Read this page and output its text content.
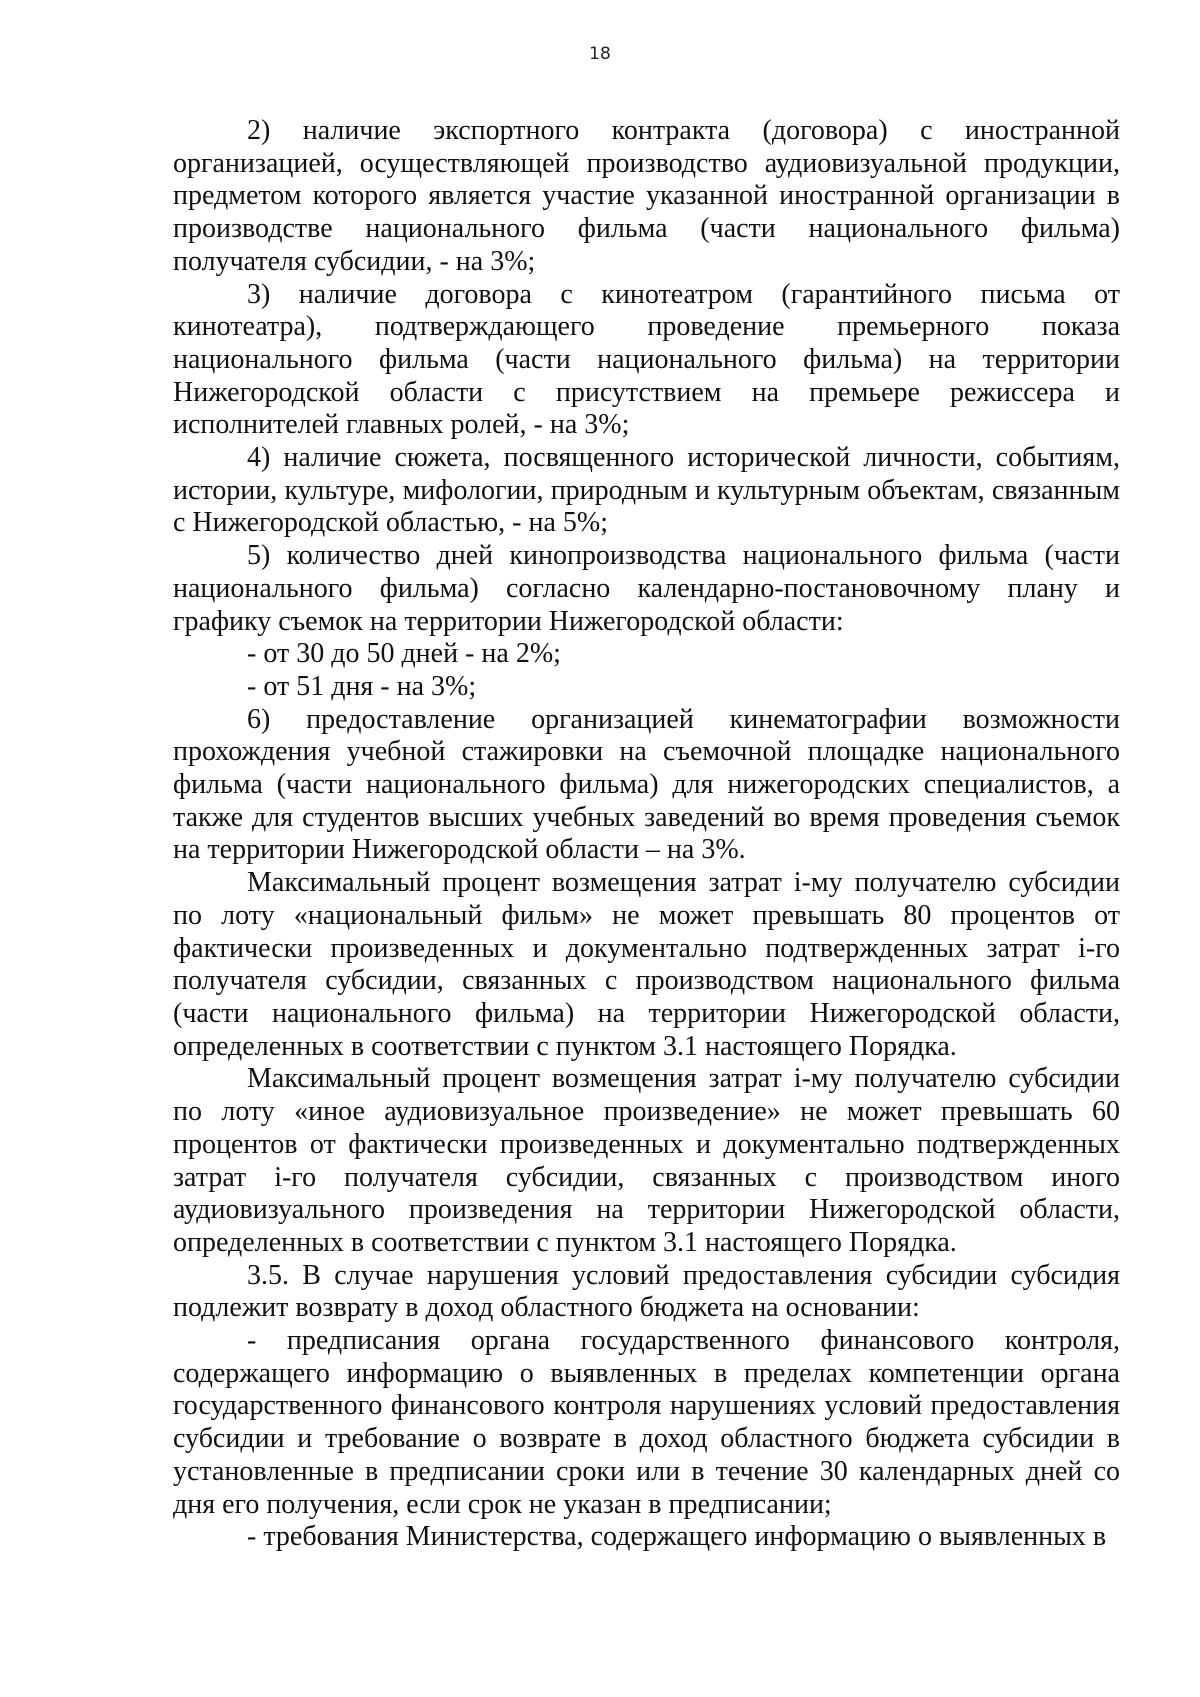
18

2) наличие экспортного контракта (договора) с иностранной организацией, осуществляющей производство аудиовизуальной продукции, предметом которого является участие указанной иностранной организации в производстве национального фильма (части национального фильма) получателя субсидии, - на 3%;

3) наличие договора с кинотеатром (гарантийного письма от кинотеатра), подтверждающего проведение премьерного показа национального фильма (части национального фильма) на территории Нижегородской области с присутствием на премьере режиссера и исполнителей главных ролей, - на 3%;

4) наличие сюжета, посвященного исторической личности, событиям, истории, культуре, мифологии, природным и культурным объектам, связанным с Нижегородской областью, - на 5%;

5) количество дней кинопроизводства национального фильма (части национального фильма) согласно календарно-постановочному плану и графику съемок на территории Нижегородской области:

- от 30 до 50 дней - на 2%;

- от 51 дня - на 3%;

6) предоставление организацией кинематографии возможности прохождения учебной стажировки на съемочной площадке национального фильма (части национального фильма) для нижегородских специалистов, а также для студентов высших учебных заведений во время проведения съемок на территории Нижегородской области – на 3%.

Максимальный процент возмещения затрат i-му получателю субсидии по лоту «национальный фильм» не может превышать 80 процентов от фактически произведенных и документально подтвержденных затрат i-го получателя субсидии, связанных с производством национального фильма (части национального фильма) на территории Нижегородской области, определенных в соответствии с пунктом 3.1 настоящего Порядка.

Максимальный процент возмещения затрат i-му получателю субсидии по лоту «иное аудиовизуальное произведение» не может превышать 60 процентов от фактически произведенных и документально подтвержденных затрат i-го получателя субсидии, связанных с производством иного аудиовизуального произведения на территории Нижегородской области, определенных в соответствии с пунктом 3.1 настоящего Порядка.

3.5. В случае нарушения условий предоставления субсидии субсидия подлежит возврату в доход областного бюджета на основании:

- предписания органа государственного финансового контроля, содержащего информацию о выявленных в пределах компетенции органа государственного финансового контроля нарушениях условий предоставления субсидии и требование о возврате в доход областного бюджета субсидии в установленные в предписании сроки или в течение 30 календарных дней со дня его получения, если срок не указан в предписании;

- требования Министерства, содержащего информацию о выявленных в
